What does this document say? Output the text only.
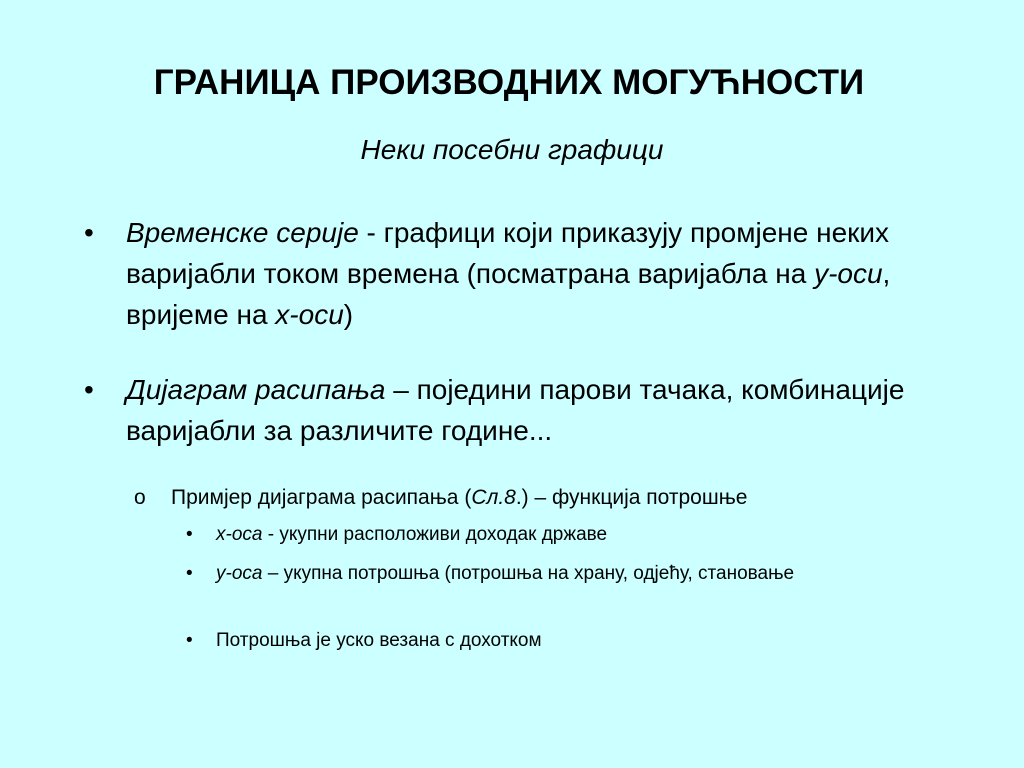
ГРАНИЦА ПРОИЗВОДНИХ МОГУЋНОСТИ
Неки посебни графици
• Временске серије - графици који приказују промјене неких варијабли током времена (посматрана варијабла на y-оси, вријеме на x-оси)
• Дијаграм расипања – поједини парови тачака, комбинације варијабли за различите године...
o Примјер дијаграма расипања (Сл.8.) – функција потрошње
• x-оса - укупни расположиви доходак државе
• y-оса – укупна потрошња (потрошња на храну, одјећу, становање
• Потрошња је уско везана с дохотком
